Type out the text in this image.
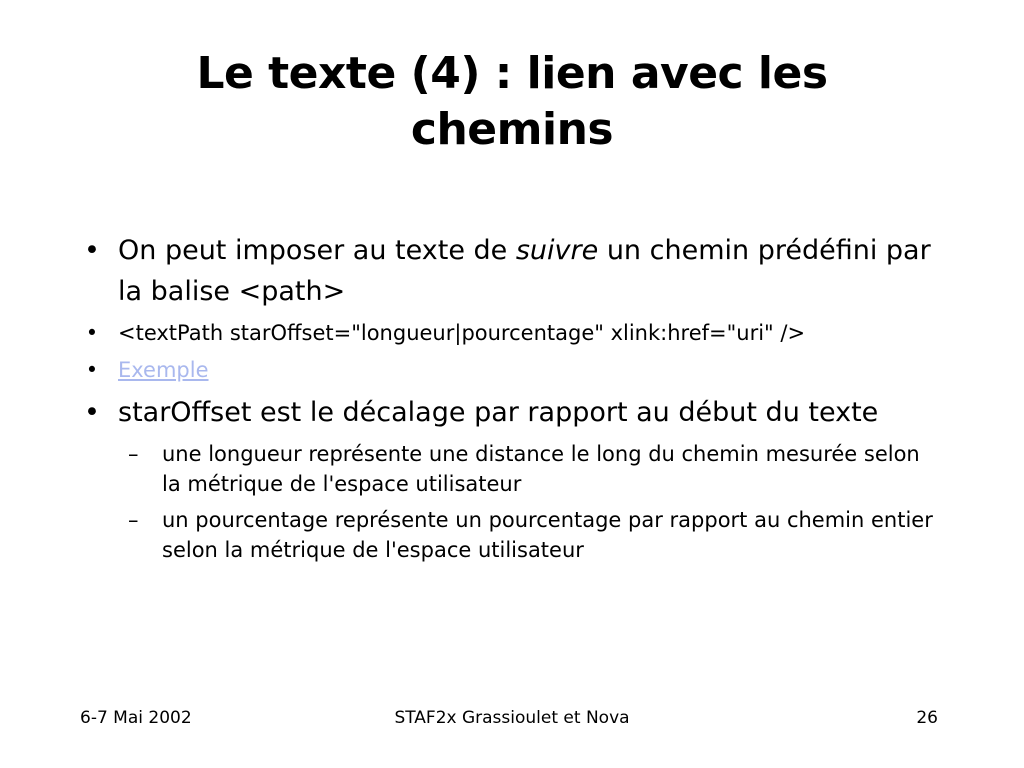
Le texte (4) : lien avec les chemins
• On peut imposer au texte de suivre un chemin prédéfini par la balise <path>
• <textPath starOffset="longueur|pourcentage" xlink:href="uri" />
• Exemple
• starOffset est le décalage par rapport au début du texte
– une longueur représente une distance le long du chemin mesurée selon la métrique de l'espace utilisateur
– un pourcentage représente un pourcentage par rapport au chemin entier selon la métrique de l'espace utilisateur
6-7 Mai 2002	STAF2x Grassioulet et Nova	26
